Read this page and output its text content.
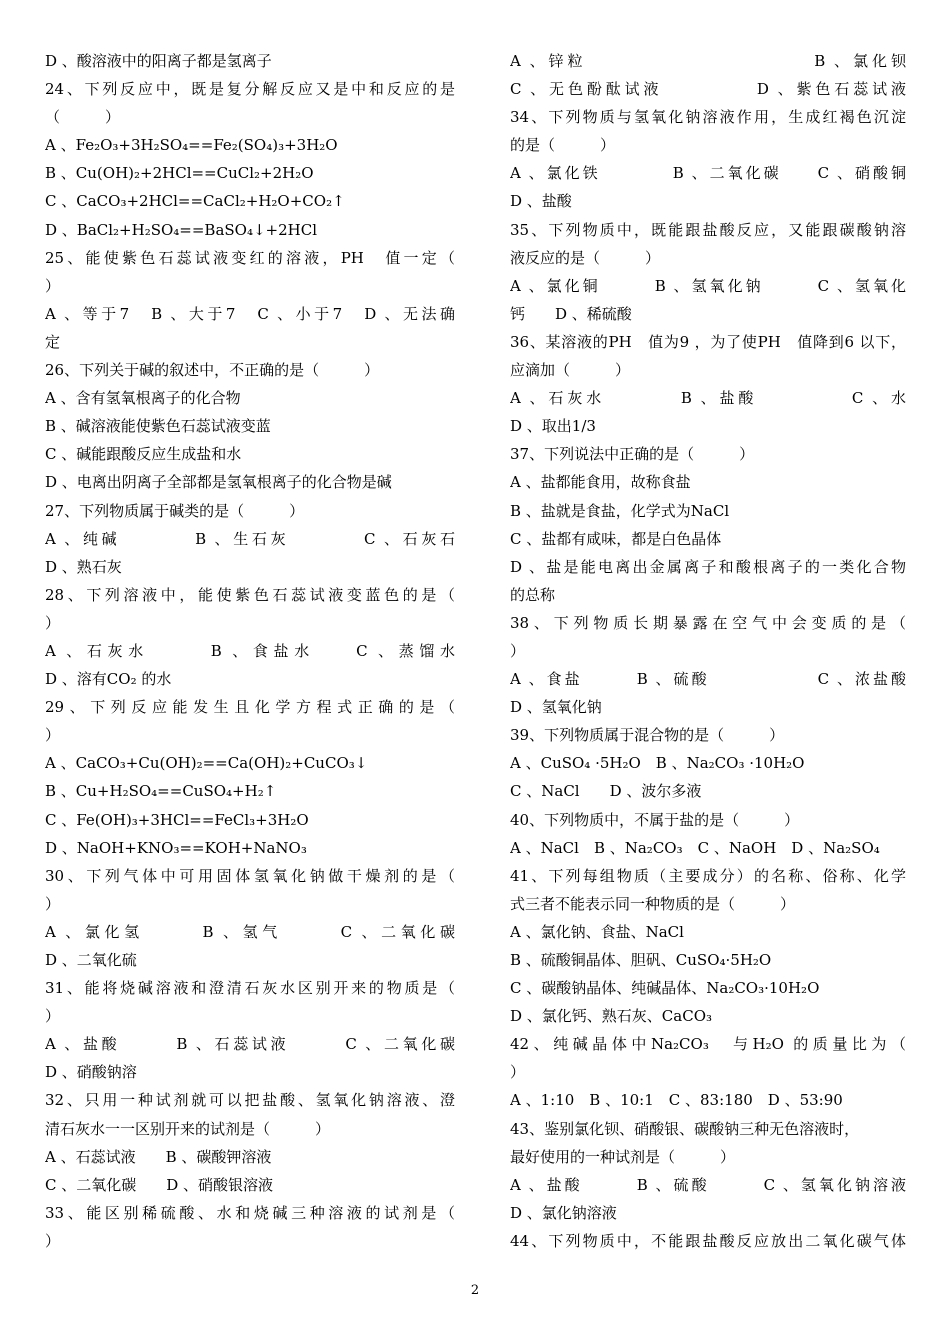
D 、酸溶液中的阳离子都是氢离子
24、下列反应中，既是复分解反应又是中和反应的是
（　　　）
A 、Fe₂O₃+3H₂SO₄==Fe₂(SO₄)₃+3H₂O
B 、Cu(OH)₂+2HCl==CuCl₂+2H₂O
C 、CaCO₃+2HCl==CaCl₂+H₂O+CO₂↑
D 、BaCl₂+H₂SO₄==BaSO₄↓+2HCl
25、能使紫色石蕊试液变红的溶液，PH　值一定（
）
A 、等于7　B 、大于7　C 、小于7　D 、无法确
定
26、下列关于碱的叙述中，不正确的是（　　　）
A 、含有氢氧根离子的化合物
B 、碱溶液能使紫色石蕊试液变蓝
C 、碱能跟酸反应生成盐和水
D 、电离出阴离子全部都是氢氧根离子的化合物是碱
27、下列物质属于碱类的是（　　　）
A 、纯碱　　　　B 、生石灰　　　　C 、石灰石
D 、熟石灰
28、下列溶液中，能使紫色石蕊试液变蓝色的是（
）
A 、石灰水　　　B 、食盐水　　C 、蒸馏水
D 、溶有CO₂ 的水
29、下列反应能发生且化学方程式正确的是（
）
A 、CaCO₃+Cu(OH)₂==Ca(OH)₂+CuCO₃↓
B 、Cu+H₂SO₄==CuSO₄+H₂↑
C 、Fe(OH)₃+3HCl==FeCl₃+3H₂O
D 、NaOH+KNO₃==KOH+NaNO₃
30、下列气体中可用固体氢氧化钠做干燥剂的是（
）
A 、氯化氢　　　B 、氢气　　　C 、二氧化碳
D 、二氧化硫
31、能将烧碱溶液和澄清石灰水区别开来的物质是（
）
A 、盐酸　　　B 、石蕊试液　　　C 、二氧化碳
D 、硝酸钠溶
32、只用一种试剂就可以把盐酸、氢氧化钠溶液、澄
清石灰水一一区别开来的试剂是（　　　）
A 、石蕊试液　　B 、碳酸钾溶液
C 、二氧化碳　　D 、硝酸银溶液
33、能区别稀硫酸、水和烧碱三种溶液的试剂是（
）
A 、锌粒　　　　　　　　　　　　B 、氯化钡
C 、无色酚酞试液　　　　　D 、紫色石蕊试液
34、下列物质与氢氧化钠溶液作用，生成红褐色沉淀
的是（　　　）
A 、氯化铁　　　　B 、二氧化碳　　C 、硝酸铜
D 、盐酸
35、下列物质中，既能跟盐酸反应，又能跟碳酸钠溶
液反应的是（　　　）
A 、氯化铜　　　B 、氢氧化钠　　　C 、氢氧化
钙　　D 、稀硫酸
36、某溶液的PH　值为9 ，为了使PH　值降到6 以下，
应滴加（　　　）
A 、石灰水　　　　B 、盐酸　　　　　C 、水
D 、取出1/3
37、下列说法中正确的是（　　　）
A 、盐都能食用，故称食盐
B 、盐就是食盐，化学式为NaCl
C 、盐都有咸味，都是白色晶体
D 、盐是能电离出金属离子和酸根离子的一类化合物
的总称
38、下列物质长期暴露在空气中会变质的是（
）
A 、食盐　　　B 、硫酸　　　　　　C 、浓盐酸
D 、氢氧化钠
39、下列物质属于混合物的是（　　　）
A 、CuSO₄ ·5H₂O　B 、Na₂CO₃ ·10H₂O
C 、NaCl　　D 、波尔多液
40、下列物质中，不属于盐的是（　　　）
A 、NaCl　B 、Na₂CO₃　C 、NaOH　D 、Na₂SO₄
41、下列每组物质（主要成分）的名称、俗称、化学
式三者不能表示同一种物质的是（　　　）
A 、氯化钠、食盐、NaCl
B 、硫酸铜晶体、胆矾、CuSO₄·5H₂O
C 、碳酸钠晶体、纯碱晶体、Na₂CO₃·10H₂O
D 、氯化钙、熟石灰、CaCO₃
42、纯碱晶体中Na₂CO₃　与H₂O 的质量比为（
）
A 、1:10　B 、10:1　C 、83:180　D 、53:90
43、鉴别氯化钡、硝酸银、碳酸钠三种无色溶液时，
最好使用的一种试剂是（　　　）
A 、盐酸　　　B 、硫酸　　　C 、氢氧化钠溶液
D 、氯化钠溶液
44、下列物质中，不能跟盐酸反应放出二氧化碳气体
2
